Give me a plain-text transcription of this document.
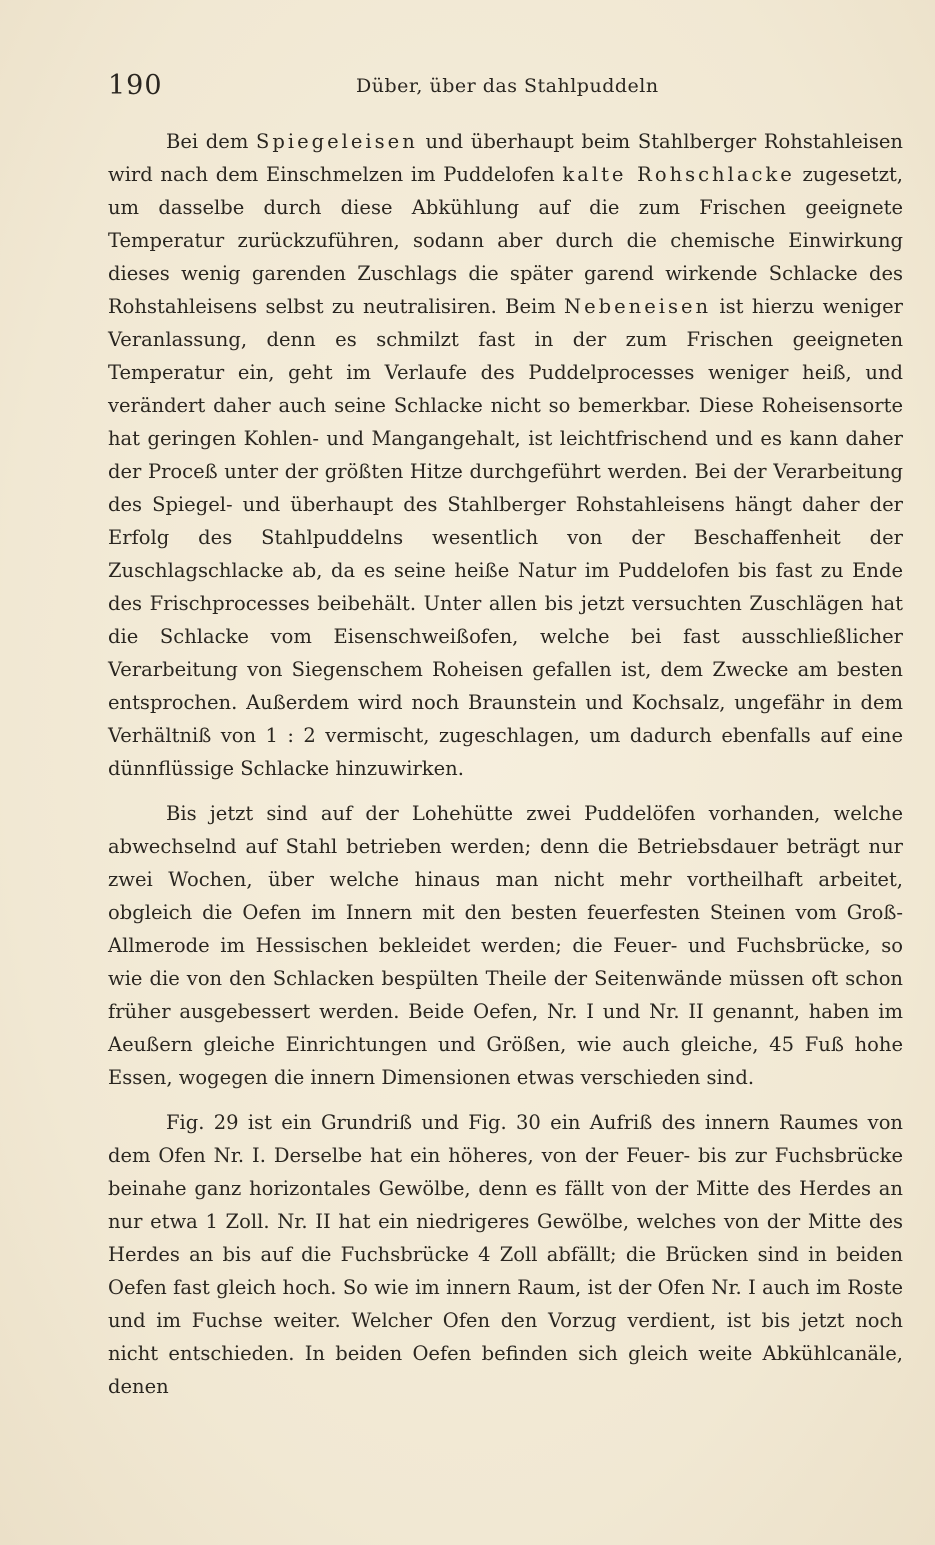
190	Düber, über das Stahlpuddeln

Bei dem Spiegeleisen und überhaupt beim Stahlberger Rohstahleisen wird nach dem Einschmelzen im Puddelofen kalte Rohschlacke zugesetzt, um dasselbe durch diese Abkühlung auf die zum Frischen geeignete Temperatur zurückzuführen, sodann aber durch die chemische Einwirkung dieses wenig garenden Zuschlags die später garend wirkende Schlacke des Rohstahleisens selbst zu neutralisiren. Beim Nebeneisen ist hierzu weniger Veranlassung, denn es schmilzt fast in der zum Frischen geeigneten Temperatur ein, geht im Verlaufe des Puddelprocesses weniger heiß, und verändert daher auch seine Schlacke nicht so bemerkbar. Diese Roheisensorte hat geringen Kohlen- und Mangangehalt, ist leichtfrischend und es kann daher der Proceß unter der größten Hitze durchgeführt werden. Bei der Verarbeitung des Spiegel- und überhaupt des Stahlberger Rohstahleisens hängt daher der Erfolg des Stahlpuddelns wesentlich von der Beschaffenheit der Zuschlagschlacke ab, da es seine heiße Natur im Puddelofen bis fast zu Ende des Frischprocesses beibehält. Unter allen bis jetzt versuchten Zuschlägen hat die Schlacke vom Eisenschweißofen, welche bei fast ausschließlicher Verarbeitung von Siegenschem Roheisen gefallen ist, dem Zwecke am besten entsprochen. Außerdem wird noch Braunstein und Kochsalz, ungefähr in dem Verhältniß von 1 : 2 vermischt, zugeschlagen, um dadurch ebenfalls auf eine dünnflüssige Schlacke hinzuwirken.

Bis jetzt sind auf der Lohehütte zwei Puddelöfen vorhanden, welche abwechselnd auf Stahl betrieben werden; denn die Betriebsdauer beträgt nur zwei Wochen, über welche hinaus man nicht mehr vortheilhaft arbeitet, obgleich die Oefen im Innern mit den besten feuerfesten Steinen vom Groß-Allmerode im Hessischen bekleidet werden; die Feuer- und Fuchsbrücke, so wie die von den Schlacken bespülten Theile der Seitenwände müssen oft schon früher ausgebessert werden. Beide Oefen, Nr. I und Nr. II genannt, haben im Aeußern gleiche Einrichtungen und Größen, wie auch gleiche, 45 Fuß hohe Essen, wogegen die innern Dimensionen etwas verschieden sind.

Fig. 29 ist ein Grundriß und Fig. 30 ein Aufriß des innern Raumes von dem Ofen Nr. I. Derselbe hat ein höheres, von der Feuer- bis zur Fuchsbrücke beinahe ganz horizontales Gewölbe, denn es fällt von der Mitte des Herdes an nur etwa 1 Zoll. Nr. II hat ein niedrigeres Gewölbe, welches von der Mitte des Herdes an bis auf die Fuchsbrücke 4 Zoll abfällt; die Brücken sind in beiden Oefen fast gleich hoch. So wie im innern Raum, ist der Ofen Nr. I auch im Roste und im Fuchse weiter. Welcher Ofen den Vorzug verdient, ist bis jetzt noch nicht entschieden. In beiden Oefen befinden sich gleich weite Abkühlcanäle, denen
